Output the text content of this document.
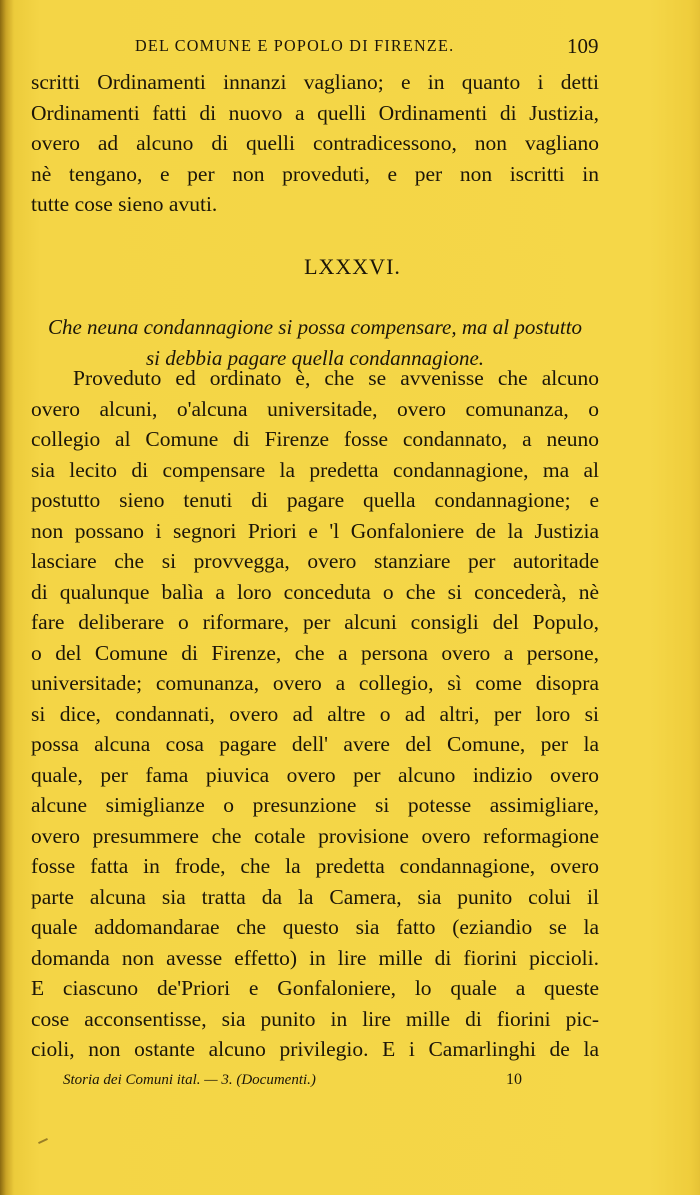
DEL COMUNE E POPOLO DI FIRENZE.	109
scritti Ordinamenti innanzi vagliano; e in quanto i detti
Ordinamenti fatti di nuovo a quelli Ordinamenti di Justizia,
overo ad alcuno di quelli contradicessono, non vagliano
nè tengano, e per non proveduti, e per non iscritti in
tutte cose sieno avuti.
LXXXVI.
Che neuna condannagione si possa compensare, ma al postutto
si debbia pagare quella condannagione.
Proveduto ed ordinato è, che se avvenisse che alcuno
overo alcuni, o'alcuna universitade, overo comunanza, o
collegio al Comune di Firenze fosse condannato, a neuno
sia lecito di compensare la predetta condannagione, ma al
postutto sieno tenuti di pagare quella condannagione; e
non possano i segnori Priori e 'l Gonfaloniere de la Justizia
lasciare che si provvegga, overo stanziare per autoritade
di qualunque balìa a loro conceduta o che si concederà, nè
fare deliberare o riformare, per alcuni consigli del Populo,
o del Comune di Firenze, che a persona overo a persone,
universitade; comunanza, overo a collegio, sì come disopra
si dice, condannati, overo ad altre o ad altri, per loro si
possa alcuna cosa pagare dell' avere del Comune, per la
quale, per fama piuvica overo per alcuno indizio overo
alcune simiglianze o presunzione si potesse assimigliare,
overo presummere che cotale provisione overo reformagione
fosse fatta in frode, che la predetta condannagione, overo
parte alcuna sia tratta da la Camera, sia punito colui il
quale addomandarae che questo sia fatto (eziandio se la
domanda non avesse effetto) in lire mille di fiorini piccioli.
E ciascuno de'Priori e Gonfaloniere, lo quale a queste
cose acconsentisse, sia punito in lire mille di fiorini pic-
cioli, non ostante alcuno privilegio. E i Camarlinghi de la
Storia dei Comuni ital. — 3. (Documenti.)	10
